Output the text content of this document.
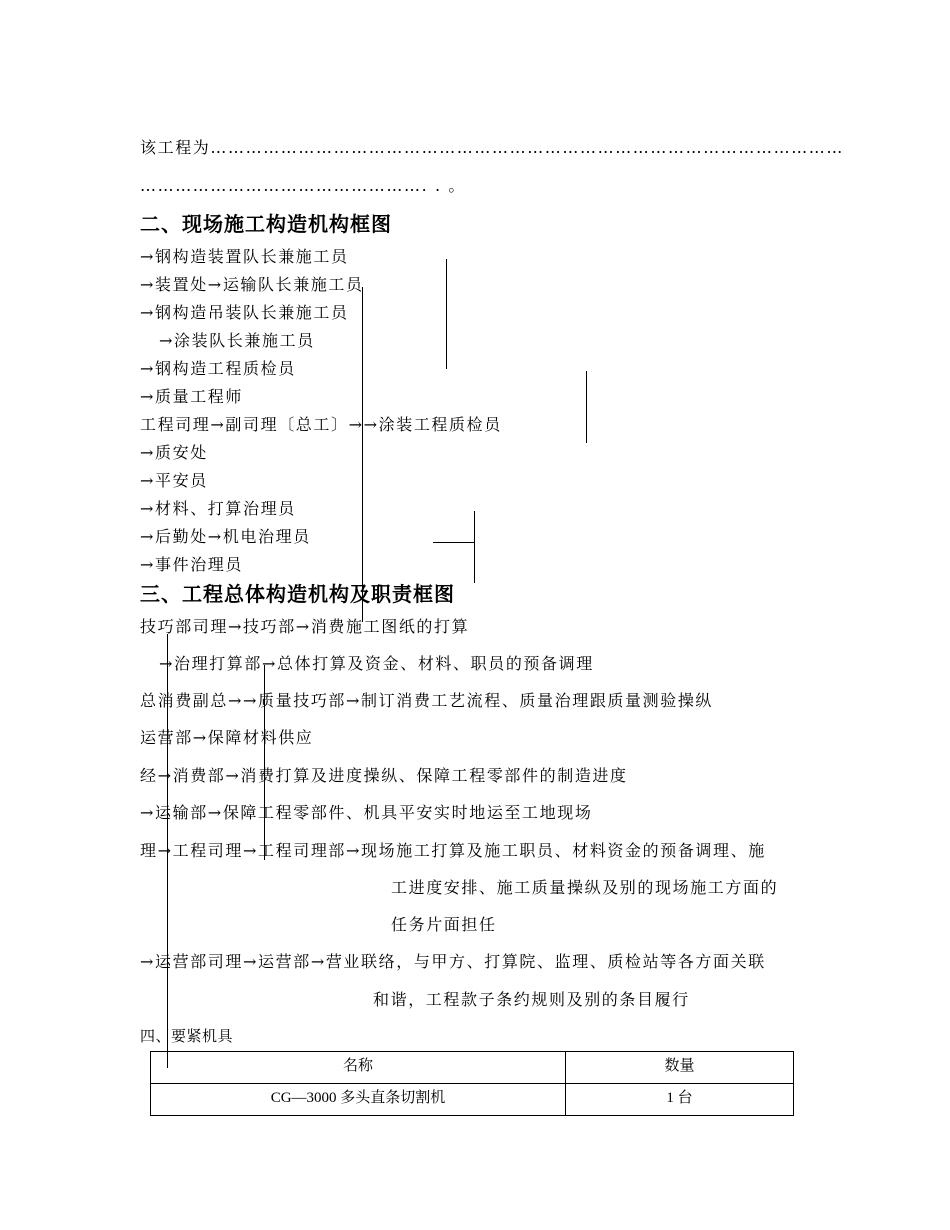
该工程为………………………………………………………………………………………………
…………………………………………. . 。
二、现场施工构造机构框图
→钢构造装置队长兼施工员
→装置处→运输队长兼施工员
→钢构造吊装队长兼施工员
→涂装队长兼施工员
→钢构造工程质检员
→质量工程师
工程司理→副司理〔总工〕→→涂装工程质检员
→质安处
→平安员
→材料、打算治理员
→后勤处→机电治理员
→事件治理员
三、工程总体构造机构及职责框图
技巧部司理→技巧部→消费施工图纸的打算
→治理打算部→总体打算及资金、材料、职员的预备调理
总消费副总→→质量技巧部→制订消费工艺流程、质量治理跟质量测验操纵
运营部→保障材料供应
经→消费部→消费打算及进度操纵、保障工程零部件的制造进度
→运输部→保障工程零部件、机具平安实时地运至工地现场
理→工程司理→工程司理部→现场施工打算及施工职员、材料资金的预备调理、施
工进度安排、施工质量操纵及别的现场施工方面的
任务片面担任
→运营部司理→运营部→营业联络，与甲方、打算院、监理、质检站等各方面关联
和谐，工程款子条约规则及别的条目履行
四、要紧机具
名称	数量
CG—3000 多头直条切割机	1 台
